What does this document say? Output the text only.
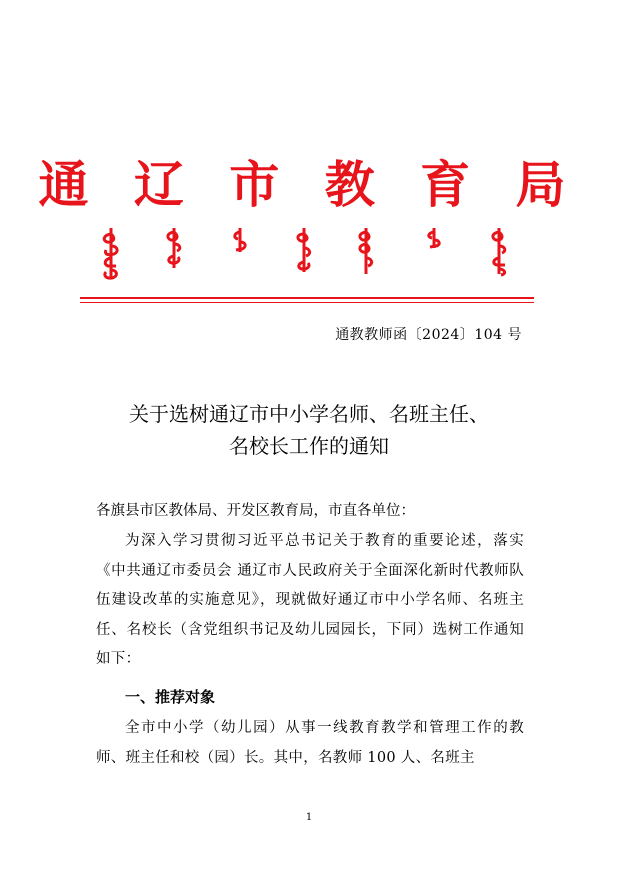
通 辽 市 教 育 局
通教教师函〔2024〕104 号
关于选树通辽市中小学名师、名班主任、
名校长工作的通知
各旗县市区教体局、开发区教育局，市直各单位：
为深入学习贯彻习近平总书记关于教育的重要论述，落实《中共通辽市委员会 通辽市人民政府关于全面深化新时代教师队伍建设改革的实施意见》，现就做好通辽市中小学名师、名班主任、名校长（含党组织书记及幼儿园园长，下同）选树工作通知如下：
一、推荐对象
全市中小学（幼儿园）从事一线教育教学和管理工作的教师、班主任和校（园）长。其中，名教师 100 人、名班主
1
